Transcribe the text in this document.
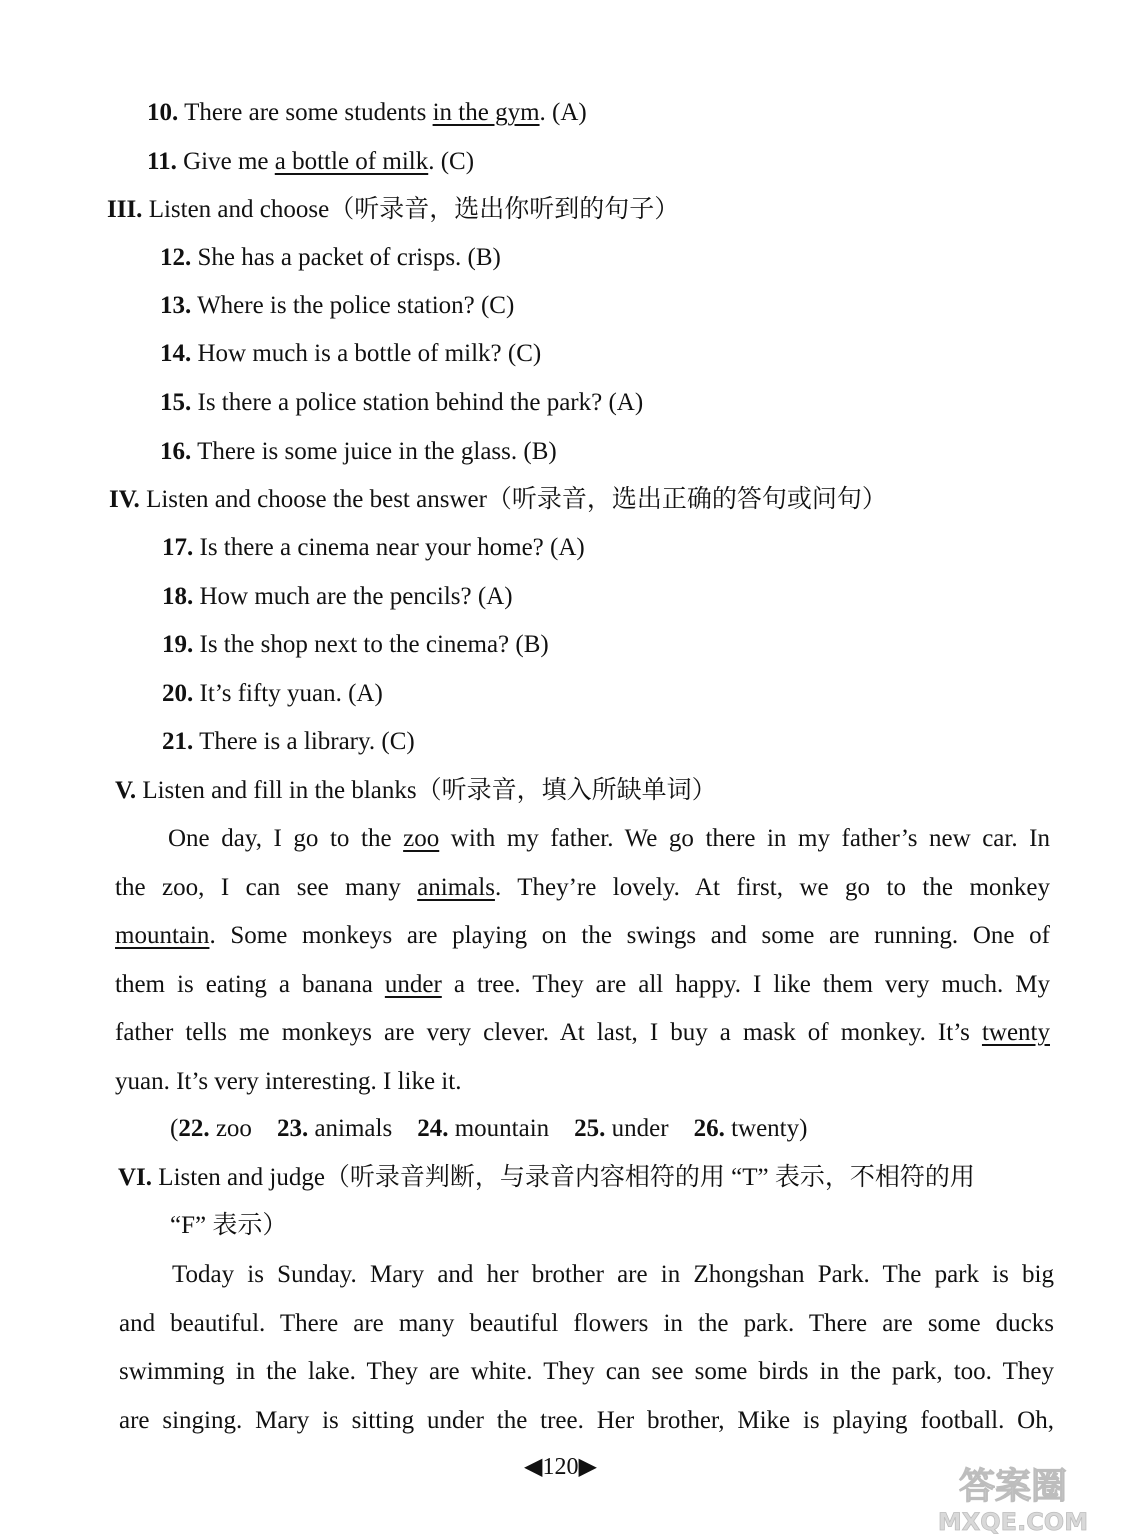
10. There are some students in the gym. (A)
11. Give me a bottle of milk. (C)
III. Listen and choose（听录音，选出你听到的句子）
12. She has a packet of crisps. (B)
13. Where is the police station? (C)
14. How much is a bottle of milk? (C)
15. Is there a police station behind the park? (A)
16. There is some juice in the glass. (B)
IV. Listen and choose the best answer（听录音，选出正确的答句或问句）
17. Is there a cinema near your home? (A)
18. How much are the pencils? (A)
19. Is the shop next to the cinema? (B)
20. It’s fifty yuan. (A)
21. There is a library. (C)
V. Listen and fill in the blanks（听录音，填入所缺单词）
One day, I go to the zoo with my father. We go there in my father’s new car. In
the zoo, I can see many animals. They’re lovely. At first, we go to the monkey
mountain. Some monkeys are playing on the swings and some are running. One of
them is eating a banana under a tree. They are all happy. I like them very much. My
father tells me monkeys are very clever. At last, I buy a mask of monkey. It’s twenty
yuan. It’s very interesting. I like it.
(22. zoo 23. animals 24. mountain 25. under 26. twenty)
VI. Listen and judge（听录音判断，与录音内容相符的用 “T” 表示，不相符的用
“F” 表示）
Today is Sunday. Mary and her brother are in Zhongshan Park. The park is big
and beautiful. There are many beautiful flowers in the park. There are some ducks
swimming in the lake. They are white. They can see some birds in the park, too. They
are singing. Mary is sitting under the tree. Her brother, Mike is playing football. Oh,
◀120▶	答案圈
MXQE.COM
